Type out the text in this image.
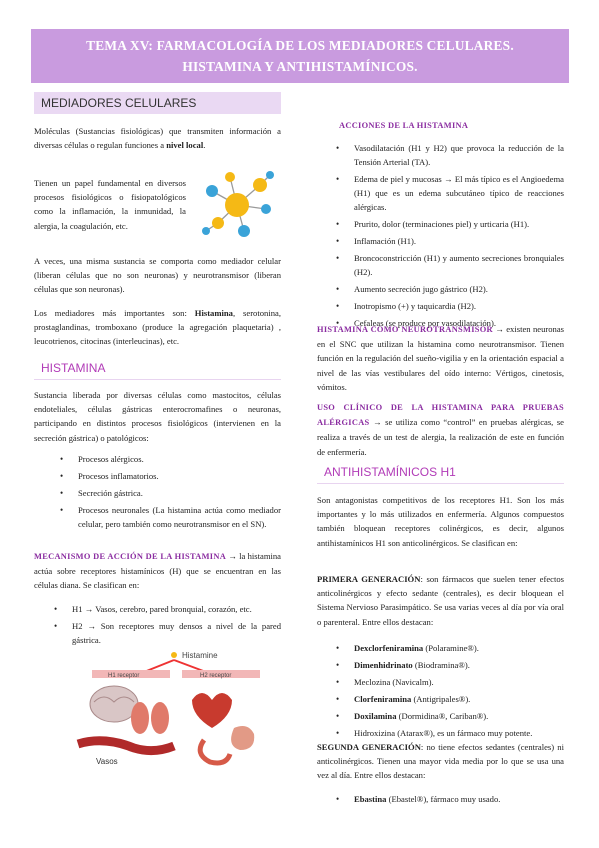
TEMA XV: FARMACOLOGÍA DE LOS MEDIADORES CELULARES.
HISTAMINA Y ANTIHISTAMÍNICOS.
MEDIADORES CELULARES

Moléculas (Sustancias fisiológicas) que transmiten información a diversas células o regulan funciones a nivel local.

Tienen un papel fundamental en diversos procesos fisiológicos o fisiopatológicos como la inflamación, la inmunidad, la alergia, la coagulación, etc.

A veces, una misma sustancia se comporta como mediador celular (liberan células que no son neuronas) y neurotransmisor (liberan células que son neuronas).

Los mediadores más importantes son: Histamina, serotonina, prostaglandinas, tromboxano (produce la agregación plaquetaria) , leucotrienos, citocinas (interleucinas), etc.

HISTAMINA

Sustancia liberada por diversas células como mastocitos, células endoteliales, células gástricas enterocromafines o neuronas, participando en distintos procesos fisiológicos (intervienen en la secreción gástrica) o patológicos:

• Procesos alérgicos.
• Procesos inflamatorios.
• Secreción gástrica.
• Procesos neuronales (La histamina actúa como mediador celular, pero también como neurotransmisor en el SN).

MECANISMO DE ACCIÓN DE LA HISTAMINA → la histamina actúa sobre receptores histamínicos (H) que se encuentran en las células diana. Se clasifican en:

• H1 → Vasos, cerebro, pared bronquial, corazón, etc.
• H2 → Son receptores muy densos a nivel de la pared gástrica.
Histamine
H1 receptor	H2 receptor
Vasos

ACCIONES DE LA HISTAMINA

• Vasodilatación (H1 y H2) que provoca la reducción de la Tensión Arterial (TA).
• Edema de piel y mucosas → El más típico es el Angioedema (H1) que es un edema subcutáneo típico de reacciones alérgicas.
• Prurito, dolor (terminaciones piel) y urticaria (H1).
• Inflamación (H1).
• Broncoconstricción (H1) y aumento secreciones bronquiales (H2).
• Aumento secreción jugo gástrico (H2).
• Inotropismo (+) y taquicardia (H2).
• Cefaleas (se produce por vasodilatación).

HISTAMINA COMO NEUROTRANSMISOR → existen neuronas en el SNC que utilizan la histamina como neurotransmisor. Tienen función en la regulación del sueño-vigilia y en la orientación espacial a nivel de las vías vestibulares del oído interno: Vértigos, cinetosis, vómitos.

USO CLÍNICO DE LA HISTAMINA PARA PRUEBAS ALÉRGICAS → se utiliza como “control” en pruebas alérgicas, se realiza a través de un test de alergia, la realización de este en función de enfermería.

ANTIHISTAMÍNICOS H1

Son antagonistas competitivos de los receptores H1. Son los más importantes y lo más utilizados en enfermería. Algunos compuestos también bloquean receptores colinérgicos, es decir, algunos antihistamínicos H1 son anticolinérgicos. Se clasifican en:

PRIMERA GENERACIÓN: son fármacos que suelen tener efectos anticolinérgicos y efecto sedante (centrales), es decir bloquean el Sistema Nervioso Parasimpático. Se usa varias veces al día por vía oral o parenteral. Entre ellos destacan:

• Dexclorfeniramina (Polaramine®).
• Dimenhidrinato (Biodramina®).
• Meclozina (Navicalm).
• Clorfeniramina (Antigripales®).
• Doxilamina (Dormidina®, Cariban®).
• Hidroxizina (Atarax®), es un fármaco muy potente.

SEGUNDA GENERACIÓN: no tiene efectos sedantes (centrales) ni anticolinérgicos. Tienen una mayor vida media por lo que se usa una vez al día. Entre ellos destacan:

• Ebastina (Ebastel®), fármaco muy usado.
